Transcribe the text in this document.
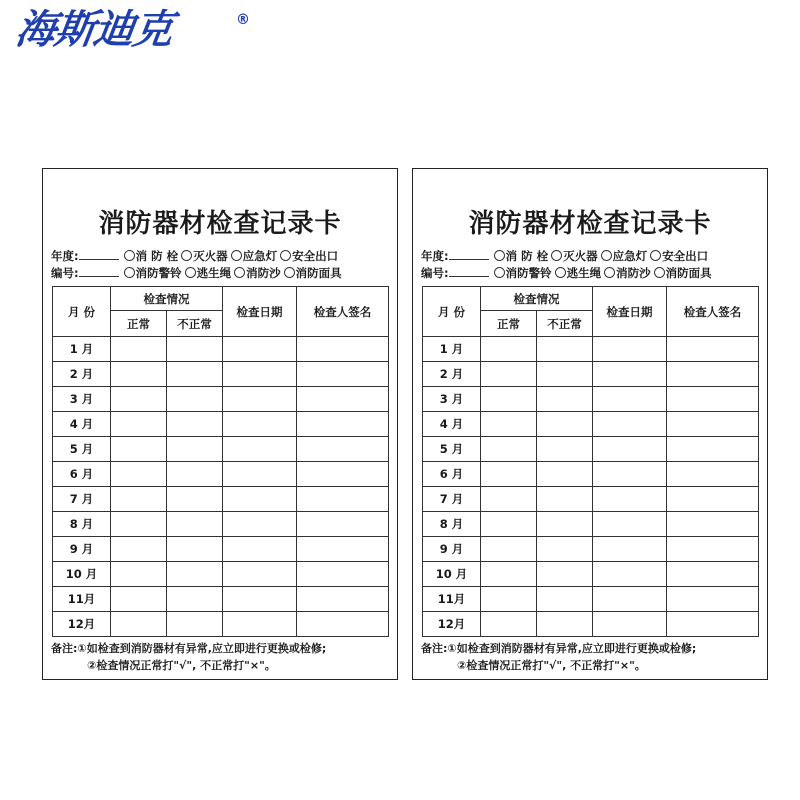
海斯迪克	®
消防器材检查记录卡
年度:	消 防 栓 灭火器 应急灯 安全出口
编号:	消防警铃 逃生绳 消防沙 消防面具
月 份	检查情况		检查日期	检查人签名
	正常	不正常		
1 月				
2 月				
3 月				
4 月				
5 月				
6 月				
7 月				
8 月				
9 月				
10 月				
11月				
12月				
备注:①如检查到消防器材有异常,应立即进行更换或检修;
②检查情况正常打"√", 不正常打"×"。
消防器材检查记录卡
年度:	消 防 栓 灭火器 应急灯 安全出口
编号:	消防警铃 逃生绳 消防沙 消防面具
月 份	检查情况		检查日期	检查人签名
	正常	不正常		
1 月				
2 月				
3 月				
4 月				
5 月				
6 月				
7 月				
8 月				
9 月				
10 月				
11月				
12月				
备注:①如检查到消防器材有异常,应立即进行更换或检修;
②检查情况正常打"√", 不正常打"×"。
